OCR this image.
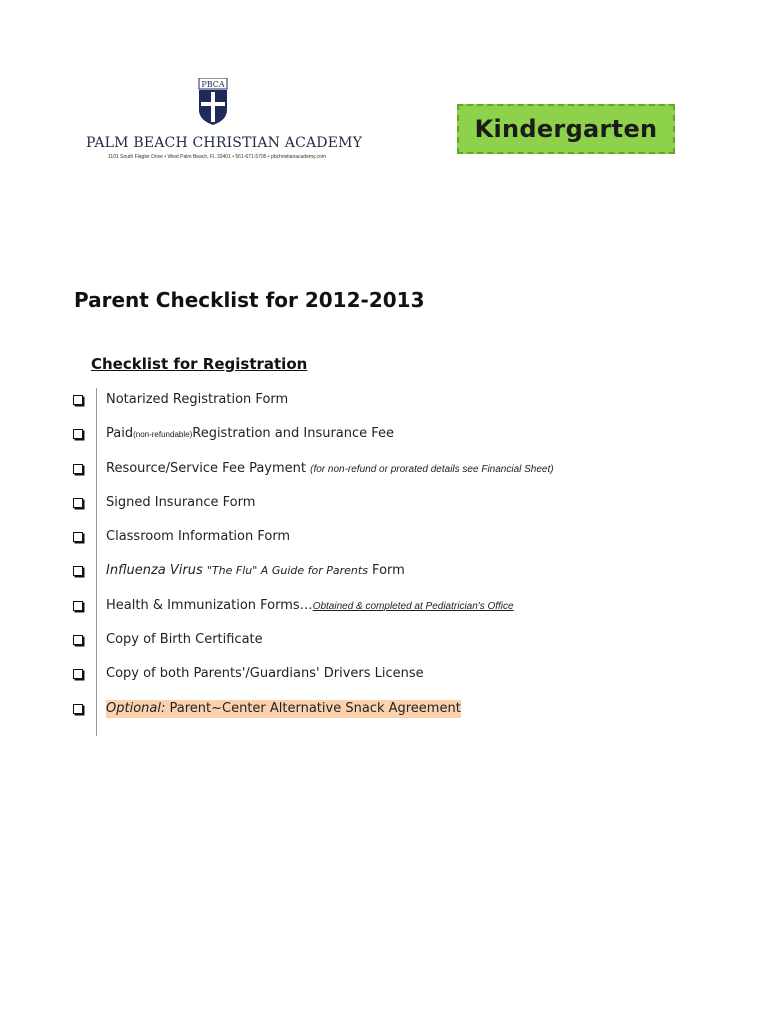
PBCA
PALM BEACH CHRISTIAN ACADEMY
1101 South Flagler Drive • West Palm Beach, FL 33401 • 561-671-5795 • pbchristianacademy.com
Kindergarten
Parent Checklist for 2012-2013
Checklist for Registration
Notarized Registration Form
Paid(non-refundable)Registration and Insurance Fee
Resource/Service Fee Payment (for non-refund or prorated details see Financial Sheet)
Signed Insurance Form
Classroom Information Form
Influenza Virus "The Flu" A Guide for Parents Form
Health & Immunization Forms…Obtained & completed at Pediatrician's Office
Copy of Birth Certificate
Copy of both Parents'/Guardians' Drivers License
Optional: Parent~Center Alternative Snack Agreement
